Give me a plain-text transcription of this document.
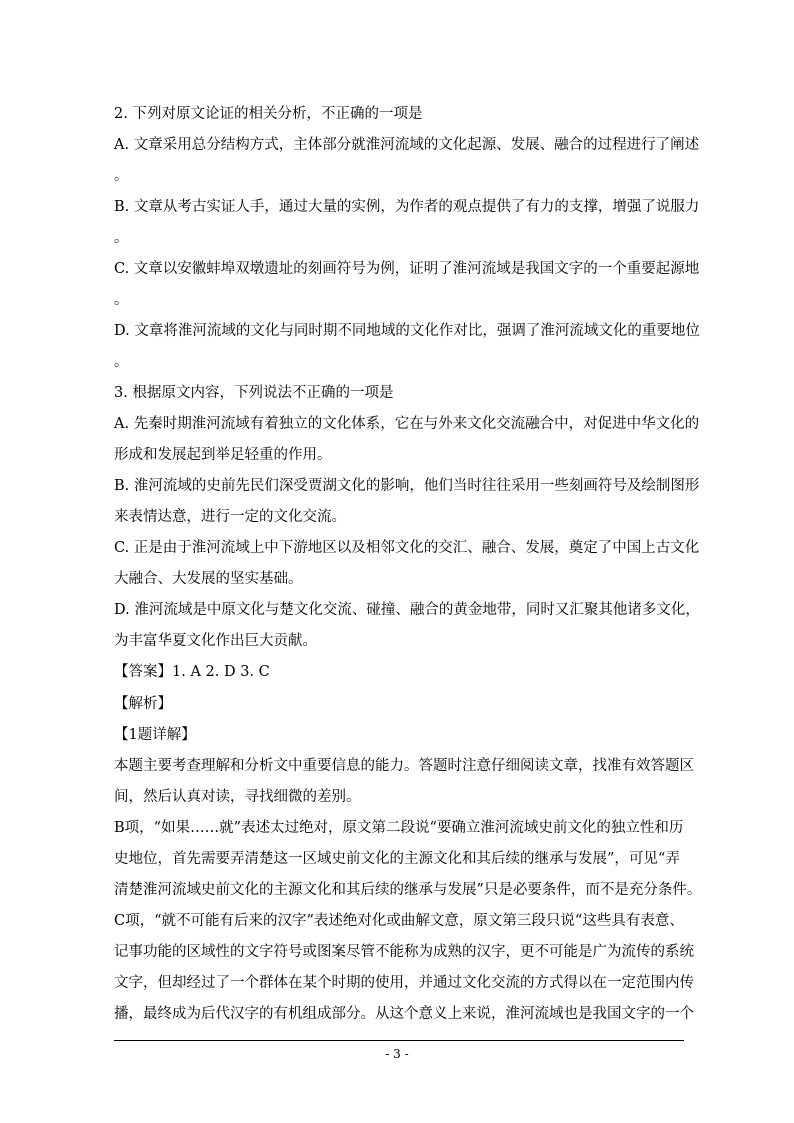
2. 下列对原文论证的相关分析，不正确的一项是
A. 文章采用总分结构方式，主体部分就淮河流域的文化起源、发展、融合的过程进行了阐述
。
B. 文章从考古实证人手，通过大量的实例，为作者的观点提供了有力的支撑，增强了说服力
。
C. 文章以安徽蚌埠双墩遗址的刻画符号为例，证明了淮河流域是我国文字的一个重要起源地
。
D. 文章将淮河流域的文化与同时期不同地域的文化作对比，强调了淮河流域文化的重要地位
。
3. 根据原文内容，下列说法不正确的一项是
A. 先秦时期淮河流域有着独立的文化体系，它在与外来文化交流融合中，对促进中华文化的
形成和发展起到举足轻重的作用。
B. 淮河流域的史前先民们深受贾湖文化的影响，他们当时往往采用一些刻画符号及绘制图形
来表情达意，进行一定的文化交流。
C. 正是由于淮河流域上中下游地区以及相邻文化的交汇、融合、发展，奠定了中国上古文化
大融合、大发展的坚实基础。
D. 淮河流域是中原文化与楚文化交流、碰撞、融合的黄金地带，同时又汇聚其他诸多文化，
为丰富华夏文化作出巨大贡献。
【答案】1. A 2. D 3. C
【解析】
【1题详解】
本题主要考查理解和分析文中重要信息的能力。答题时注意仔细阅读文章，找准有效答题区
间，然后认真对读，寻找细微的差别。
B项，“如果……就”表述太过绝对，原文第二段说“要确立淮河流域史前文化的独立性和历
史地位，首先需要弄清楚这一区域史前文化的主源文化和其后续的继承与发展”，可见“弄
清楚淮河流域史前文化的主源文化和其后续的继承与发展”只是必要条件，而不是充分条件。
C项，“就不可能有后来的汉字”表述绝对化或曲解文意，原文第三段只说“这些具有表意、
记事功能的区域性的文字符号或图案尽管不能称为成熟的汉字，更不可能是广为流传的系统
文字，但却经过了一个群体在某个时期的使用，并通过文化交流的方式得以在一定范围内传
播，最终成为后代汉字的有机组成部分。从这个意义上来说，淮河流域也是我国文字的一个
- 3 -
